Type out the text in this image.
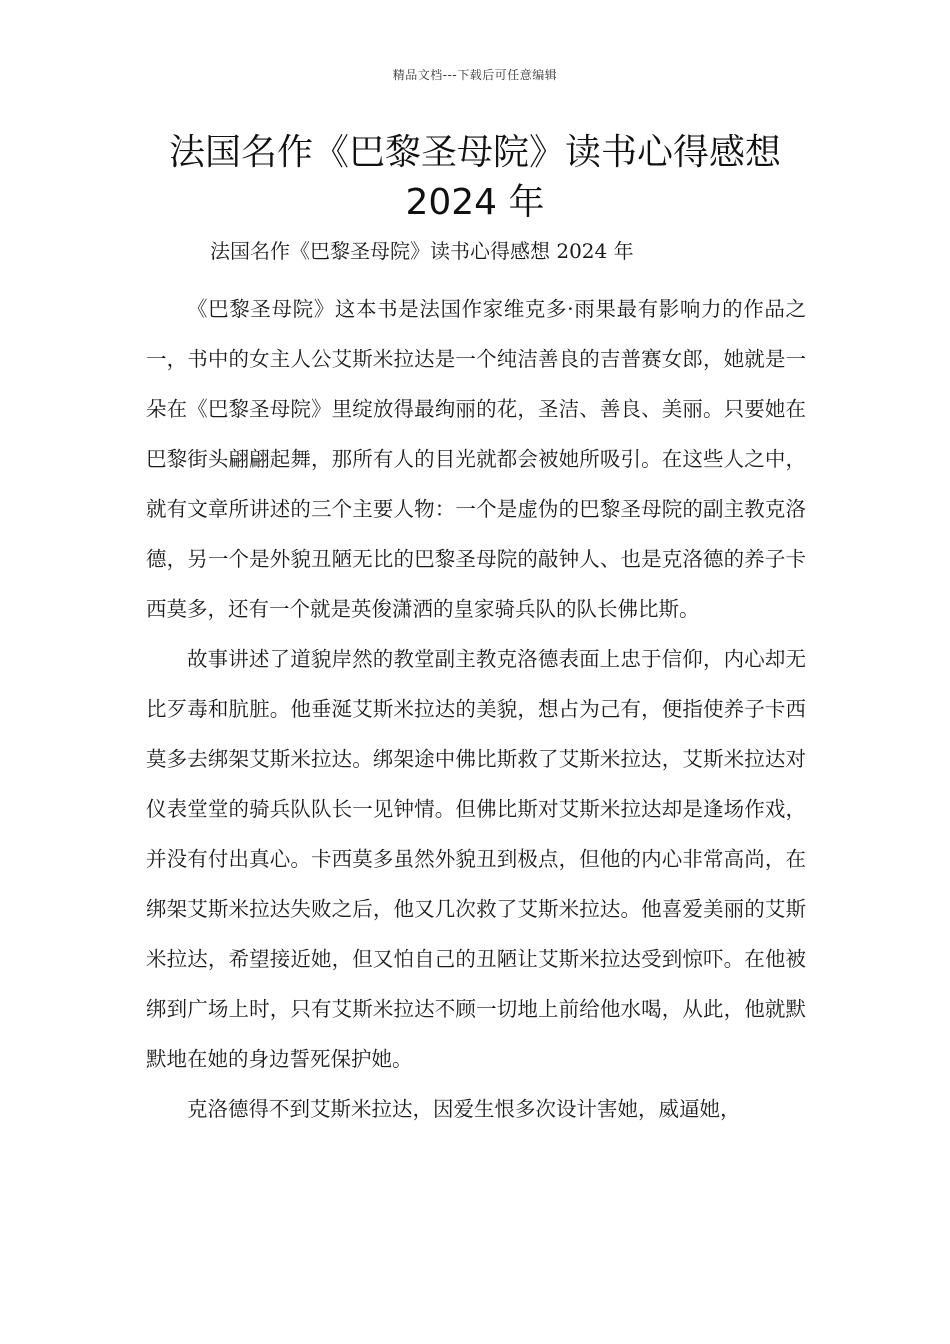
精品文档---下载后可任意编辑
法国名作《巴黎圣母院》读书心得感想 2024 年
法国名作《巴黎圣母院》读书心得感想 2024 年

《巴黎圣母院》这本书是法国作家维克多·雨果最有影响力的作品之一，书中的女主人公艾斯米拉达是一个纯洁善良的吉普赛女郎，她就是一朵在《巴黎圣母院》里绽放得最绚丽的花，圣洁、善良、美丽。只要她在巴黎街头翩翩起舞，那所有人的目光就都会被她所吸引。在这些人之中，就有文章所讲述的三个主要人物：一个是虚伪的巴黎圣母院的副主教克洛德，另一个是外貌丑陋无比的巴黎圣母院的敲钟人、也是克洛德的养子卡西莫多，还有一个就是英俊潇洒的皇家骑兵队的队长佛比斯。

故事讲述了道貌岸然的教堂副主教克洛德表面上忠于信仰，内心却无比歹毒和肮脏。他垂涎艾斯米拉达的美貌，想占为己有，便指使养子卡西莫多去绑架艾斯米拉达。绑架途中佛比斯救了艾斯米拉达，艾斯米拉达对仪表堂堂的骑兵队队长一见钟情。但佛比斯对艾斯米拉达却是逢场作戏，并没有付出真心。卡西莫多虽然外貌丑到极点，但他的内心非常高尚，在绑架艾斯米拉达失败之后，他又几次救了艾斯米拉达。他喜爱美丽的艾斯米拉达，希望接近她，但又怕自己的丑陋让艾斯米拉达受到惊吓。在他被绑到广场上时，只有艾斯米拉达不顾一切地上前给他水喝，从此，他就默默地在她的身边誓死保护她。

克洛德得不到艾斯米拉达，因爱生恨多次设计害她，威逼她，
